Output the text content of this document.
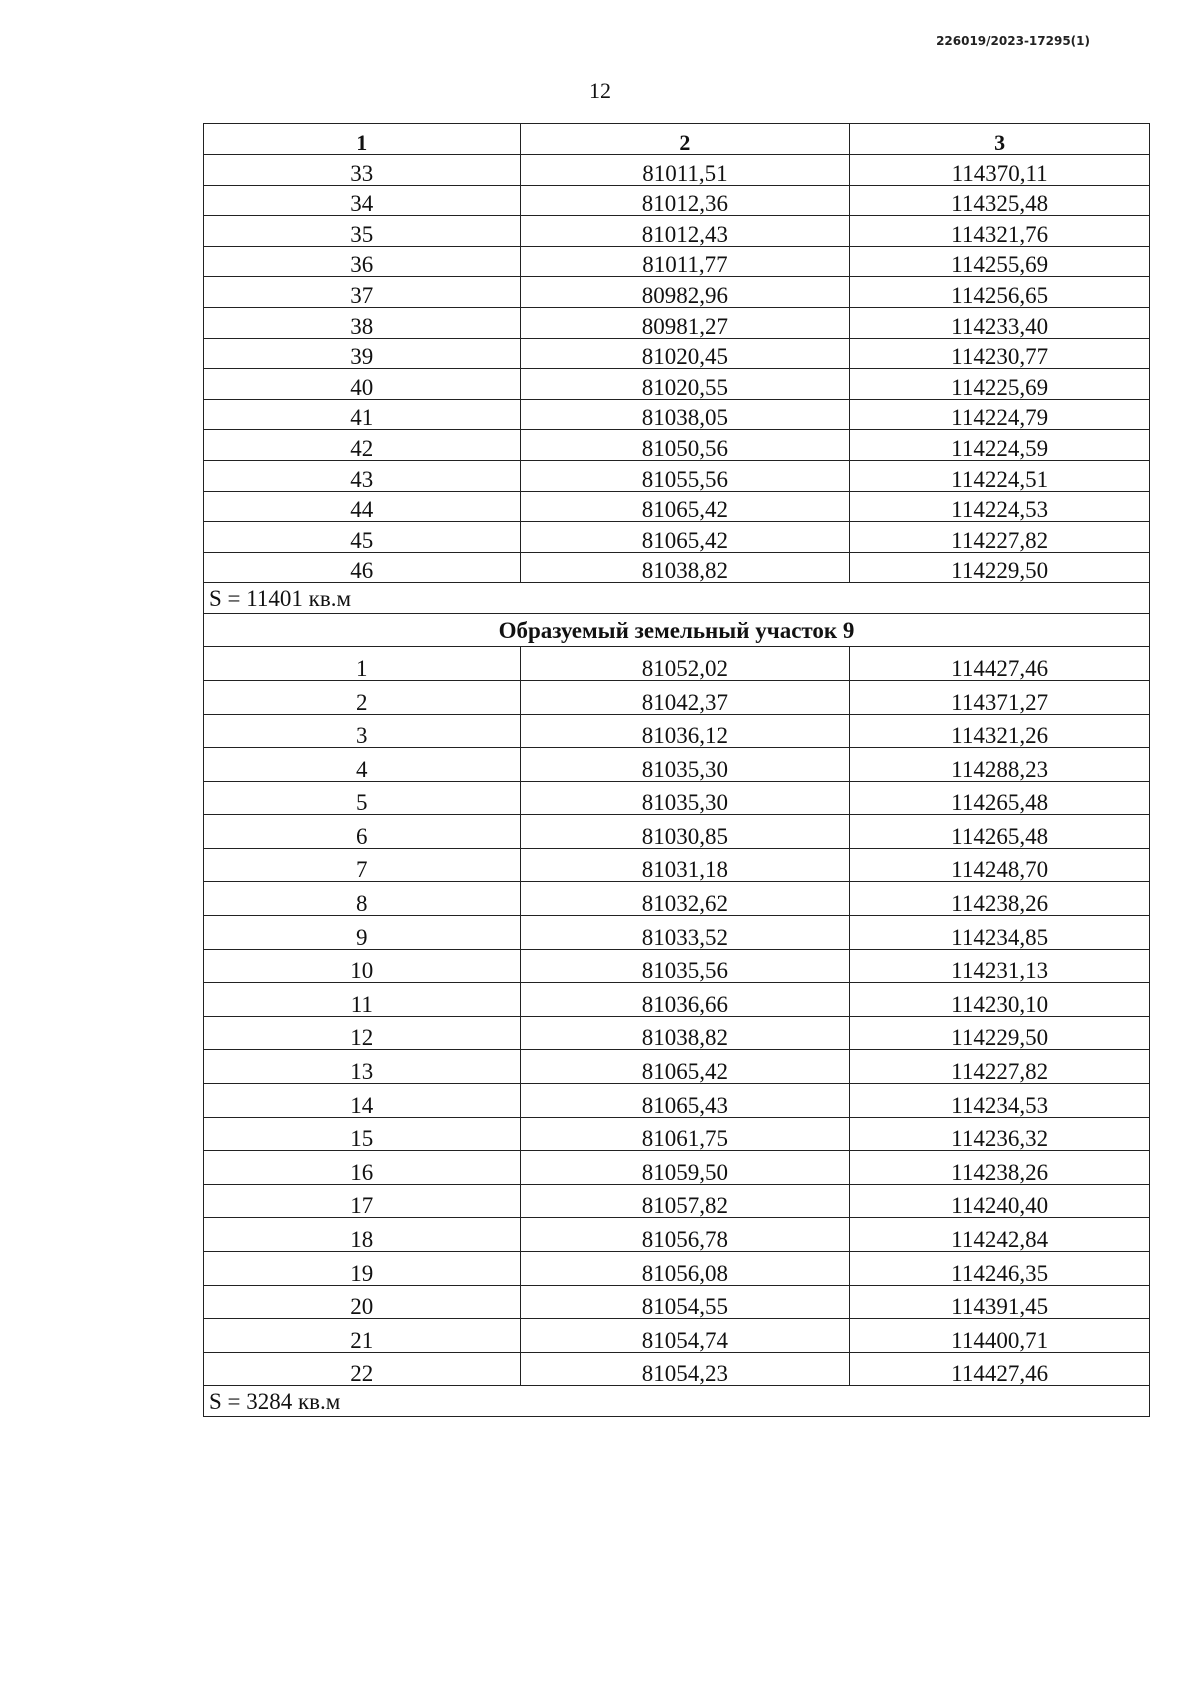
226019/2023-17295(1)
12
1	2	3
33	81011,51	114370,11
34	81012,36	114325,48
35	81012,43	114321,76
36	81011,77	114255,69
37	80982,96	114256,65
38	80981,27	114233,40
39	81020,45	114230,77
40	81020,55	114225,69
41	81038,05	114224,79
42	81050,56	114224,59
43	81055,56	114224,51
44	81065,42	114224,53
45	81065,42	114227,82
46	81038,82	114229,50
S = 11401 кв.м		
Образуемый земельный участок 9		
1	81052,02	114427,46
2	81042,37	114371,27
3	81036,12	114321,26
4	81035,30	114288,23
5	81035,30	114265,48
6	81030,85	114265,48
7	81031,18	114248,70
8	81032,62	114238,26
9	81033,52	114234,85
10	81035,56	114231,13
11	81036,66	114230,10
12	81038,82	114229,50
13	81065,42	114227,82
14	81065,43	114234,53
15	81061,75	114236,32
16	81059,50	114238,26
17	81057,82	114240,40
18	81056,78	114242,84
19	81056,08	114246,35
20	81054,55	114391,45
21	81054,74	114400,71
22	81054,23	114427,46
S = 3284 кв.м		
